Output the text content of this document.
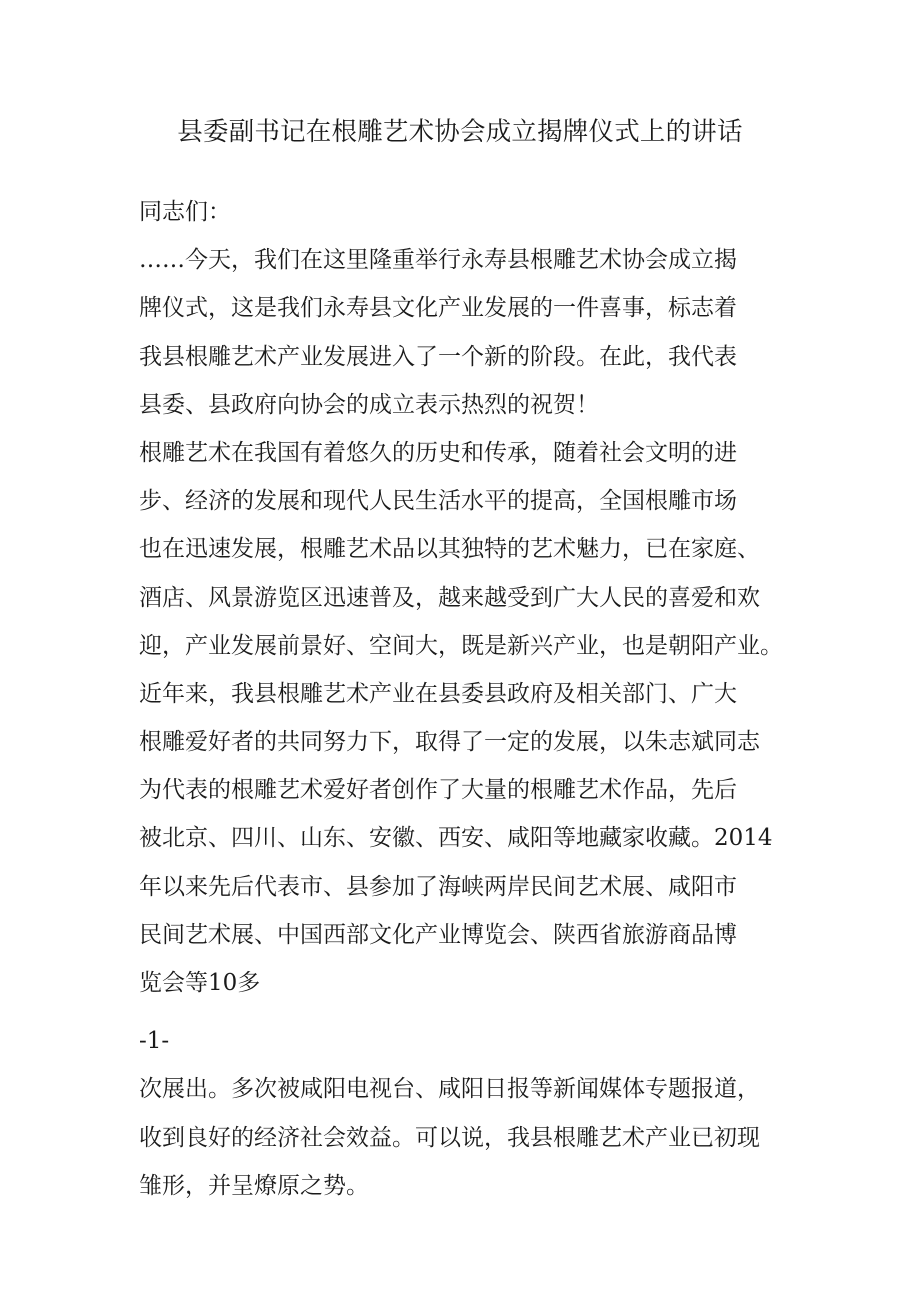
县委副书记在根雕艺术协会成立揭牌仪式上的讲话
同志们：
……今天，我们在这里隆重举行永寿县根雕艺术协会成立揭
牌仪式，这是我们永寿县文化产业发展的一件喜事，标志着
我县根雕艺术产业发展进入了一个新的阶段。在此，我代表
县委、县政府向协会的成立表示热烈的祝贺！
根雕艺术在我国有着悠久的历史和传承，随着社会文明的进
步、经济的发展和现代人民生活水平的提高，全国根雕市场
也在迅速发展，根雕艺术品以其独特的艺术魅力，已在家庭、
酒店、风景游览区迅速普及，越来越受到广大人民的喜爱和欢
迎，产业发展前景好、空间大，既是新兴产业，也是朝阳产业。
近年来，我县根雕艺术产业在县委县政府及相关部门、广大
根雕爱好者的共同努力下，取得了一定的发展，以朱志斌同志
为代表的根雕艺术爱好者创作了大量的根雕艺术作品，先后
被北京、四川、山东、安徽、西安、咸阳等地藏家收藏。2014
年以来先后代表市、县参加了海峡两岸民间艺术展、咸阳市
民间艺术展、中国西部文化产业博览会、陕西省旅游商品博
览会等10多
-1-
次展出。多次被咸阳电视台、咸阳日报等新闻媒体专题报道，
收到良好的经济社会效益。可以说，我县根雕艺术产业已初现
雏形，并呈燎原之势。
